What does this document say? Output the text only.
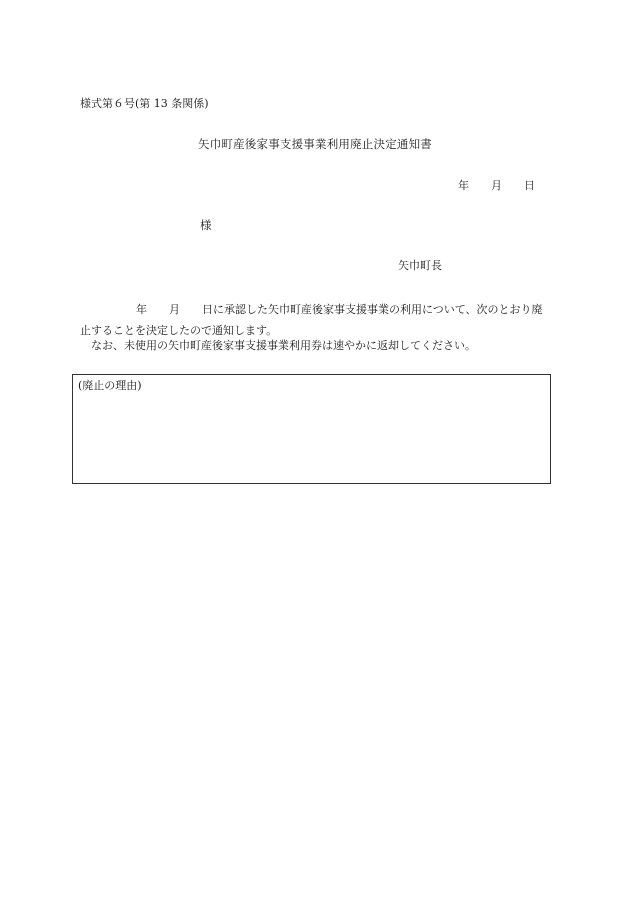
様式第６号(第 13 条関係)
矢巾町産後家事支援事業利用廃止決定通知書
年 月 日
様
矢巾町長
年 月 日に承認した矢巾町産後家事支援事業の利用について、次のとおり廃止することを決定したので通知します。
なお、未使用の矢巾町産後家事支援事業利用券は速やかに返却してください。
(廃止の理由)
